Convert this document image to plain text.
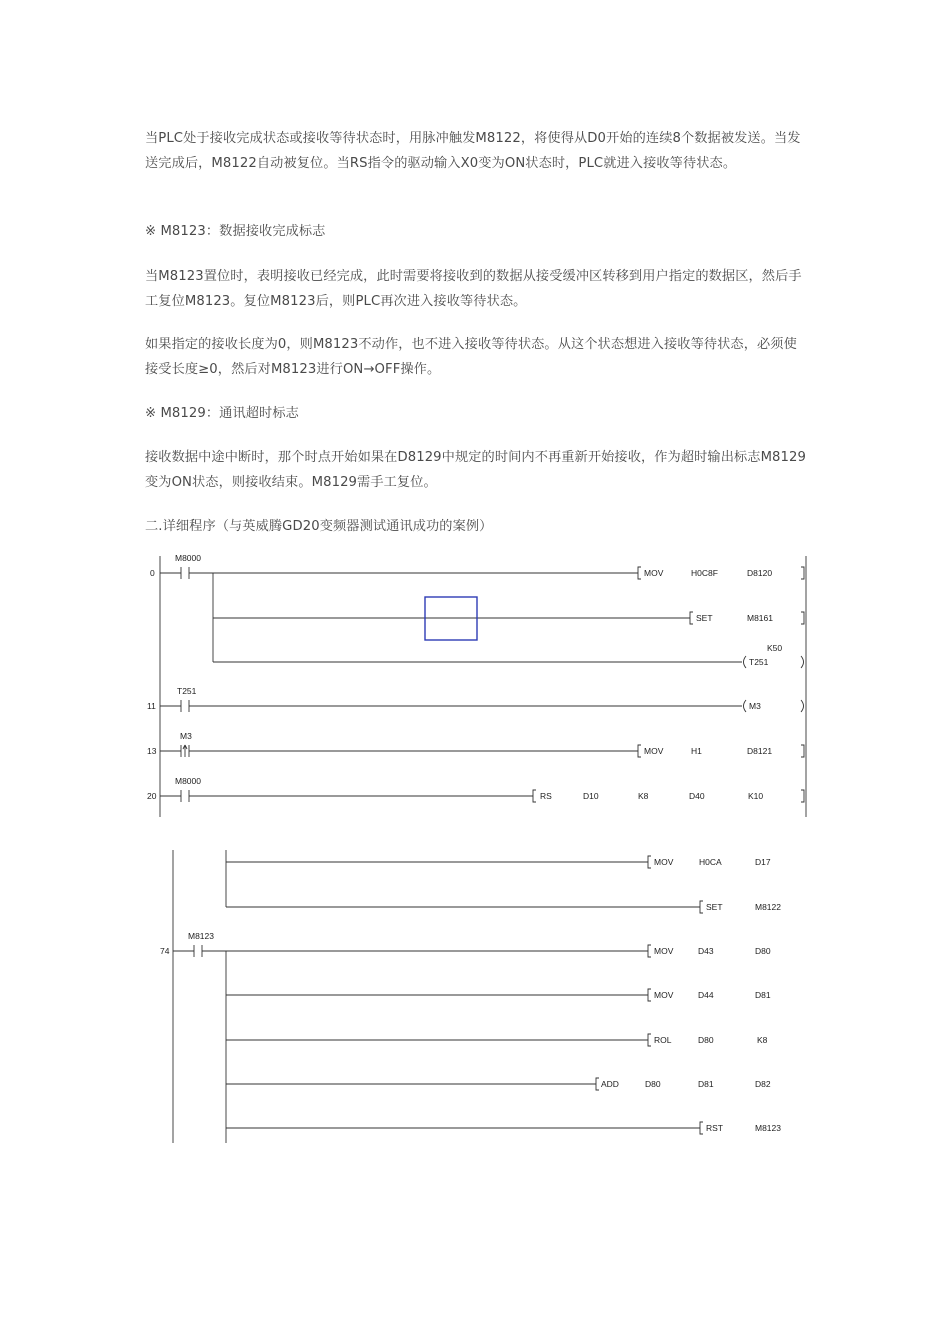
当PLC处于接收完成状态或接收等待状态时，用脉冲触发M8122，将使得从D0开始的连续8个数据被发送。当发送完成后，M8122自动被复位。当RS指令的驱动输入X0变为ON状态时，PLC就进入接收等待状态。

※ M8123：数据接收完成标志

当M8123置位时，表明接收已经完成，此时需要将接收到的数据从接受缓冲区转移到用户指定的数据区，然后手工复位M8123。复位M8123后，则PLC再次进入接收等待状态。

如果指定的接收长度为0，则M8123不动作，也不进入接收等待状态。从这个状态想进入接收等待状态，必须使接受长度≥0，然后对M8123进行ON→OFF操作。

※ M8129：通讯超时标志

接收数据中途中断时，那个时点开始如果在D8129中规定的时间内不再重新开始接收，作为超时输出标志M8129变为ON状态，则接收结束。M8129需手工复位。

二.详细程序（与英威腾GD20变频器测试通讯成功的案例）

0
M8000
MOV	H0C8F	D8120
SET	M8161
K50
T251
11
T251
M3
13
M3
MOV	H1	D8121
20
M8000
RS	D10	K8	D40	K10
MOV	H0CA	D17
SET	M8122
74
M8123
MOV	D43	D80
MOV	D44	D81
ROL	D80	K8
ADD	D80	D81	D82
RST	M8123
